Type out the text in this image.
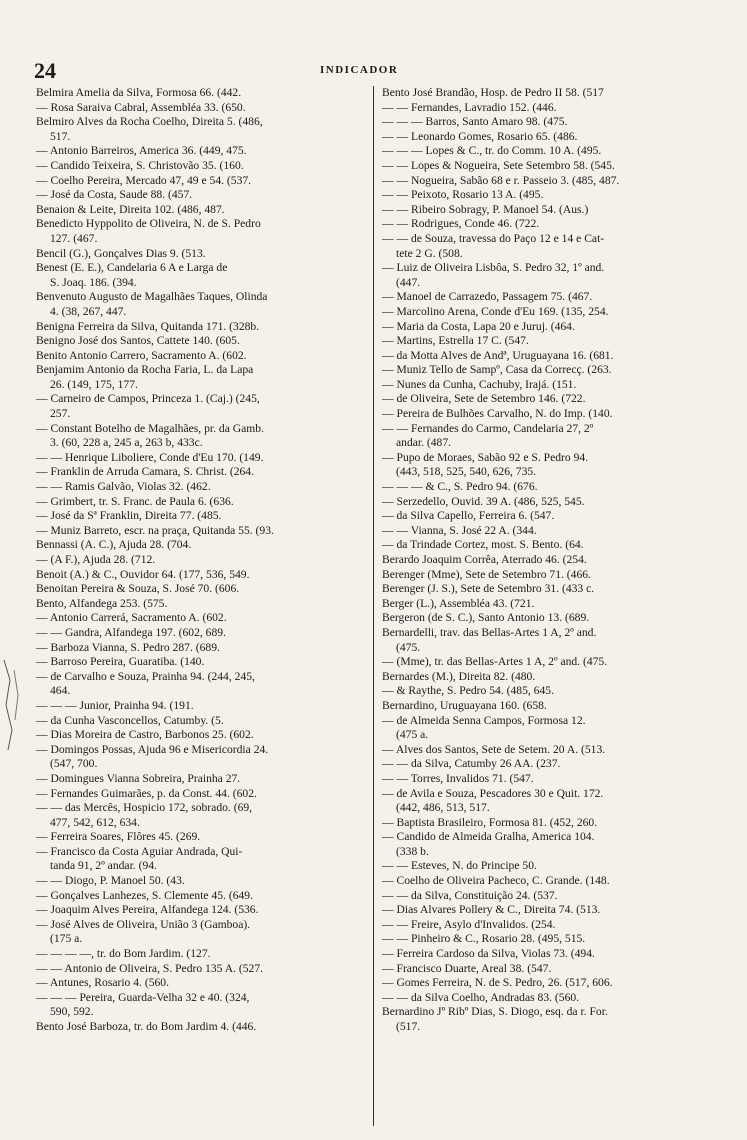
24	INDICADOR
Belmira Amelia da Silva, Formosa 66. (442.
— Rosa Saraiva Cabral, Assembléa 33. (650.
Belmiro Alves da Rocha Coelho, Direita 5. (486,
517.
— Antonio Barreiros, America 36. (449, 475.
— Candido Teixeira, S. Christovão 35. (160.
— Coelho Pereira, Mercado 47, 49 e 54. (537.
— José da Costa, Saude 88. (457.
Benaion & Leite, Direita 102. (486, 487.
Benedicto Hyppolito de Oliveira, N. de S. Pedro
127. (467.
Bencil (G.), Gonçalves Dias 9. (513.
Benest (E. E.), Candelaria 6 A e Larga de
S. Joaq. 186. (394.
Benvenuto Augusto de Magalhães Taques, Olinda
4. (38, 267, 447.
Benigna Ferreira da Silva, Quitanda 171. (328b.
Benigno José dos Santos, Cattete 140. (605.
Benito Antonio Carrero, Sacramento A. (602.
Benjamim Antonio da Rocha Faria, L. da Lapa
26. (149, 175, 177.
— Carneiro de Campos, Princeza 1. (Caj.) (245,
257.
— Constant Botelho de Magalhães, pr. da Gamb.
3. (60, 228 a, 245 a, 263 b, 433c.
— — Henrique Liboliere, Conde d'Eu 170. (149.
— Franklin de Arruda Camara, S. Christ. (264.
— — Ramis Galvão, Violas 32. (462.
— Grimbert, tr. S. Franc. de Paula 6. (636.
— José da Sª Franklin, Direita 77. (485.
— Muniz Barreto, escr. na praça, Quitanda 55. (93.
Bennassi (A. C.), Ajuda 28. (704.
— (A F.), Ajuda 28. (712.
Benoit (A.) & C., Ouvidor 64. (177, 536, 549.
Benoitan Pereira & Souza, S. José 70. (606.
Bento, Alfandega 253. (575.
— Antonio Carrerá, Sacramento A. (602.
— — Gandra, Alfandega 197. (602, 689.
— Barboza Vianna, S. Pedro 287. (689.
— Barroso Pereira, Guaratiba. (140.
— de Carvalho e Souza, Prainha 94. (244, 245,
464.
— — — Junior, Prainha 94. (191.
— da Cunha Vasconcellos, Catumby. (5.
— Dias Moreira de Castro, Barbonos 25. (602.
— Domingos Possas, Ajuda 96 e Misericordia 24.
(547, 700.
— Domingues Vianna Sobreira, Prainha 27.
— Fernandes Guimarães, p. da Const. 44. (602.
— — das Mercês, Hospicio 172, sobrado. (69,
477, 542, 612, 634.
— Ferreira Soares, Flôres 45. (269.
— Francisco da Costa Aguiar Andrada, Qui-
tanda 91, 2º andar. (94.
— — Diogo, P. Manoel 50. (43.
— Gonçalves Lanhezes, S. Clemente 45. (649.
— Joaquim Alves Pereira, Alfandega 124. (536.
— José Alves de Oliveira, União 3 (Gamboa).
(175 a.
— — — —, tr. do Bom Jardim. (127.
— — Antonio de Oliveira, S. Pedro 135 A. (527.
— Antunes, Rosario 4. (560.
— — — Pereira, Guarda-Velha 32 e 40. (324,
590, 592.
Bento José Barboza, tr. do Bom Jardim 4. (446.
Bento José Brandão, Hosp. de Pedro II 58. (517
— — Fernandes, Lavradio 152. (446.
— — — Barros, Santo Amaro 98. (475.
— — Leonardo Gomes, Rosario 65. (486.
— — — Lopes & C., tr. do Comm. 10 A. (495.
— — Lopes & Nogueira, Sete Setembro 58. (545.
— — Nogueira, Sabão 68 e r. Passeio 3. (485, 487.
— — Peixoto, Rosario 13 A. (495.
— — Ribeiro Sobragy, P. Manoel 54. (Aus.)
— — Rodrigues, Conde 46. (722.
— — de Souza, travessa do Paço 12 e 14 e Cat-
tete 2 G. (508.
— Luiz de Oliveira Lisbôa, S. Pedro 32, 1º and.
(447.
— Manoel de Carrazedo, Passagem 75. (467.
— Marcolino Arena, Conde d'Eu 169. (135, 254.
— Maria da Costa, Lapa 20 e Juruj. (464.
— Martins, Estrella 17 C. (547.
— da Motta Alves de Andª, Uruguayana 16. (681.
— Muniz Tello de Sampº, Casa da Correcç. (263.
— Nunes da Cunha, Cachuby, Irajá. (151.
— de Oliveira, Sete de Setembro 146. (722.
— Pereira de Bulhões Carvalho, N. do Imp. (140.
— — Fernandes do Carmo, Candelaria 27, 2º
andar. (487.
— Pupo de Moraes, Sabão 92 e S. Pedro 94.
(443, 518, 525, 540, 626, 735.
— — — & C., S. Pedro 94. (676.
— Serzedello, Ouvid. 39 A. (486, 525, 545.
— da Silva Capello, Ferreira 6. (547.
— — Vianna, S. José 22 A. (344.
— da Trindade Cortez, most. S. Bento. (64.
Berardo Joaquim Corrêa, Aterrado 46. (254.
Berenger (Mme), Sete de Setembro 71. (466.
Berenger (J. S.), Sete de Setembro 31. (433 c.
Berger (L.), Assembléa 43. (721.
Bergeron (de S. C.), Santo Antonio 13. (689.
Bernardelli, trav. das Bellas-Artes 1 A, 2º and.
(475.
— (Mme), tr. das Bellas-Artes 1 A, 2º and. (475.
Bernardes (M.), Direita 82. (480.
— & Raythe, S. Pedro 54. (485, 645.
Bernardino, Uruguayana 160. (658.
— de Almeida Senna Campos, Formosa 12.
(475 a.
— Alves dos Santos, Sete de Setem. 20 A. (513.
— — da Silva, Catumby 26 AA. (237.
— — Torres, Invalidos 71. (547.
— de Avila e Souza, Pescadores 30 e Quit. 172.
(442, 486, 513, 517.
— Baptista Brasileiro, Formosa 81. (452, 260.
— Candido de Almeida Gralha, America 104.
(338 b.
— — Esteves, N. do Principe 50.
— Coelho de Oliveira Pacheco, C. Grande. (148.
— — da Silva, Constituição 24. (537.
— Dias Alvares Pollery & C., Direita 74. (513.
— — Freire, Asylo d'Invalidos. (254.
— — Pinheiro & C., Rosario 28. (495, 515.
— Ferreira Cardoso da Silva, Violas 73. (494.
— Francisco Duarte, Areal 38. (547.
— Gomes Ferreira, N. de S. Pedro, 26. (517, 606.
— — da Silva Coelho, Andradas 83. (560.
Bernardino Jº Ribº Dias, S. Diogo, esq. da r. For.
(517.
